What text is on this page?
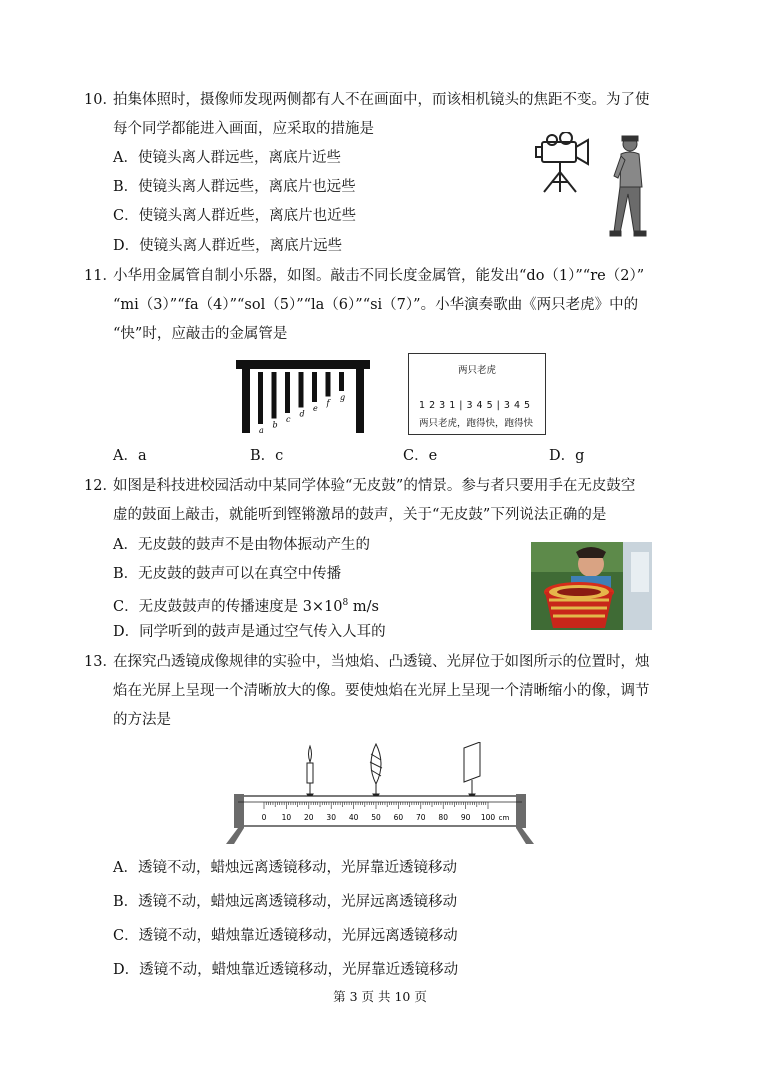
10．
拍集体照时，摄像师发现两侧都有人不在画面中，而该相机镜头的焦距不变。为了使
每个同学都能进入画面，应采取的措施是
A．使镜头离人群远些，离底片近些
B．使镜头离人群远些，离底片也远些
C．使镜头离人群近些，离底片也近些
D．使镜头离人群近些，离底片远些
11．
小华用金属管自制小乐器，如图。敲击不同长度金属管，能发出“do（1）”“re（2）”
“mi（3）”“fa（4）”“sol（5）”“la（6）”“si（7）”。小华演奏歌曲《两只老虎》中的
“快”时，应敲击的金属管是
a
b
c
d
e
f
g
两只老虎
1 2 3 1 | 3 4 5 | 3 4 5
两只老虎，跑得快，跑得快
A．a	B．c	C．e	D．g
12．
如图是科技进校园活动中某同学体验“无皮鼓”的情景。参与者只要用手在无皮鼓空
虚的鼓面上敲击，就能听到铿锵激昂的鼓声，关于“无皮鼓”下列说法正确的是
A．无皮鼓的鼓声不是由物体振动产生的
B．无皮鼓的鼓声可以在真空中传播
C．无皮鼓鼓声的传播速度是 $3\times 10^8$ m/s
D．同学听到的鼓声是通过空气传入人耳的
13．
在探究凸透镜成像规律的实验中，当烛焰、凸透镜、光屏位于如图所示的位置时，烛
焰在光屏上呈现一个清晰放大的像。要使烛焰在光屏上呈现一个清晰缩小的像，调节
的方法是
0 10 20 30 40 50 60 70 80 90 100 cm
A．透镜不动，蜡烛远离透镜移动，光屏靠近透镜移动
B．透镜不动，蜡烛远离透镜移动，光屏远离透镜移动
C．透镜不动，蜡烛靠近透镜移动，光屏远离透镜移动
D．透镜不动，蜡烛靠近透镜移动，光屏靠近透镜移动
第 3 页 共 10 页
